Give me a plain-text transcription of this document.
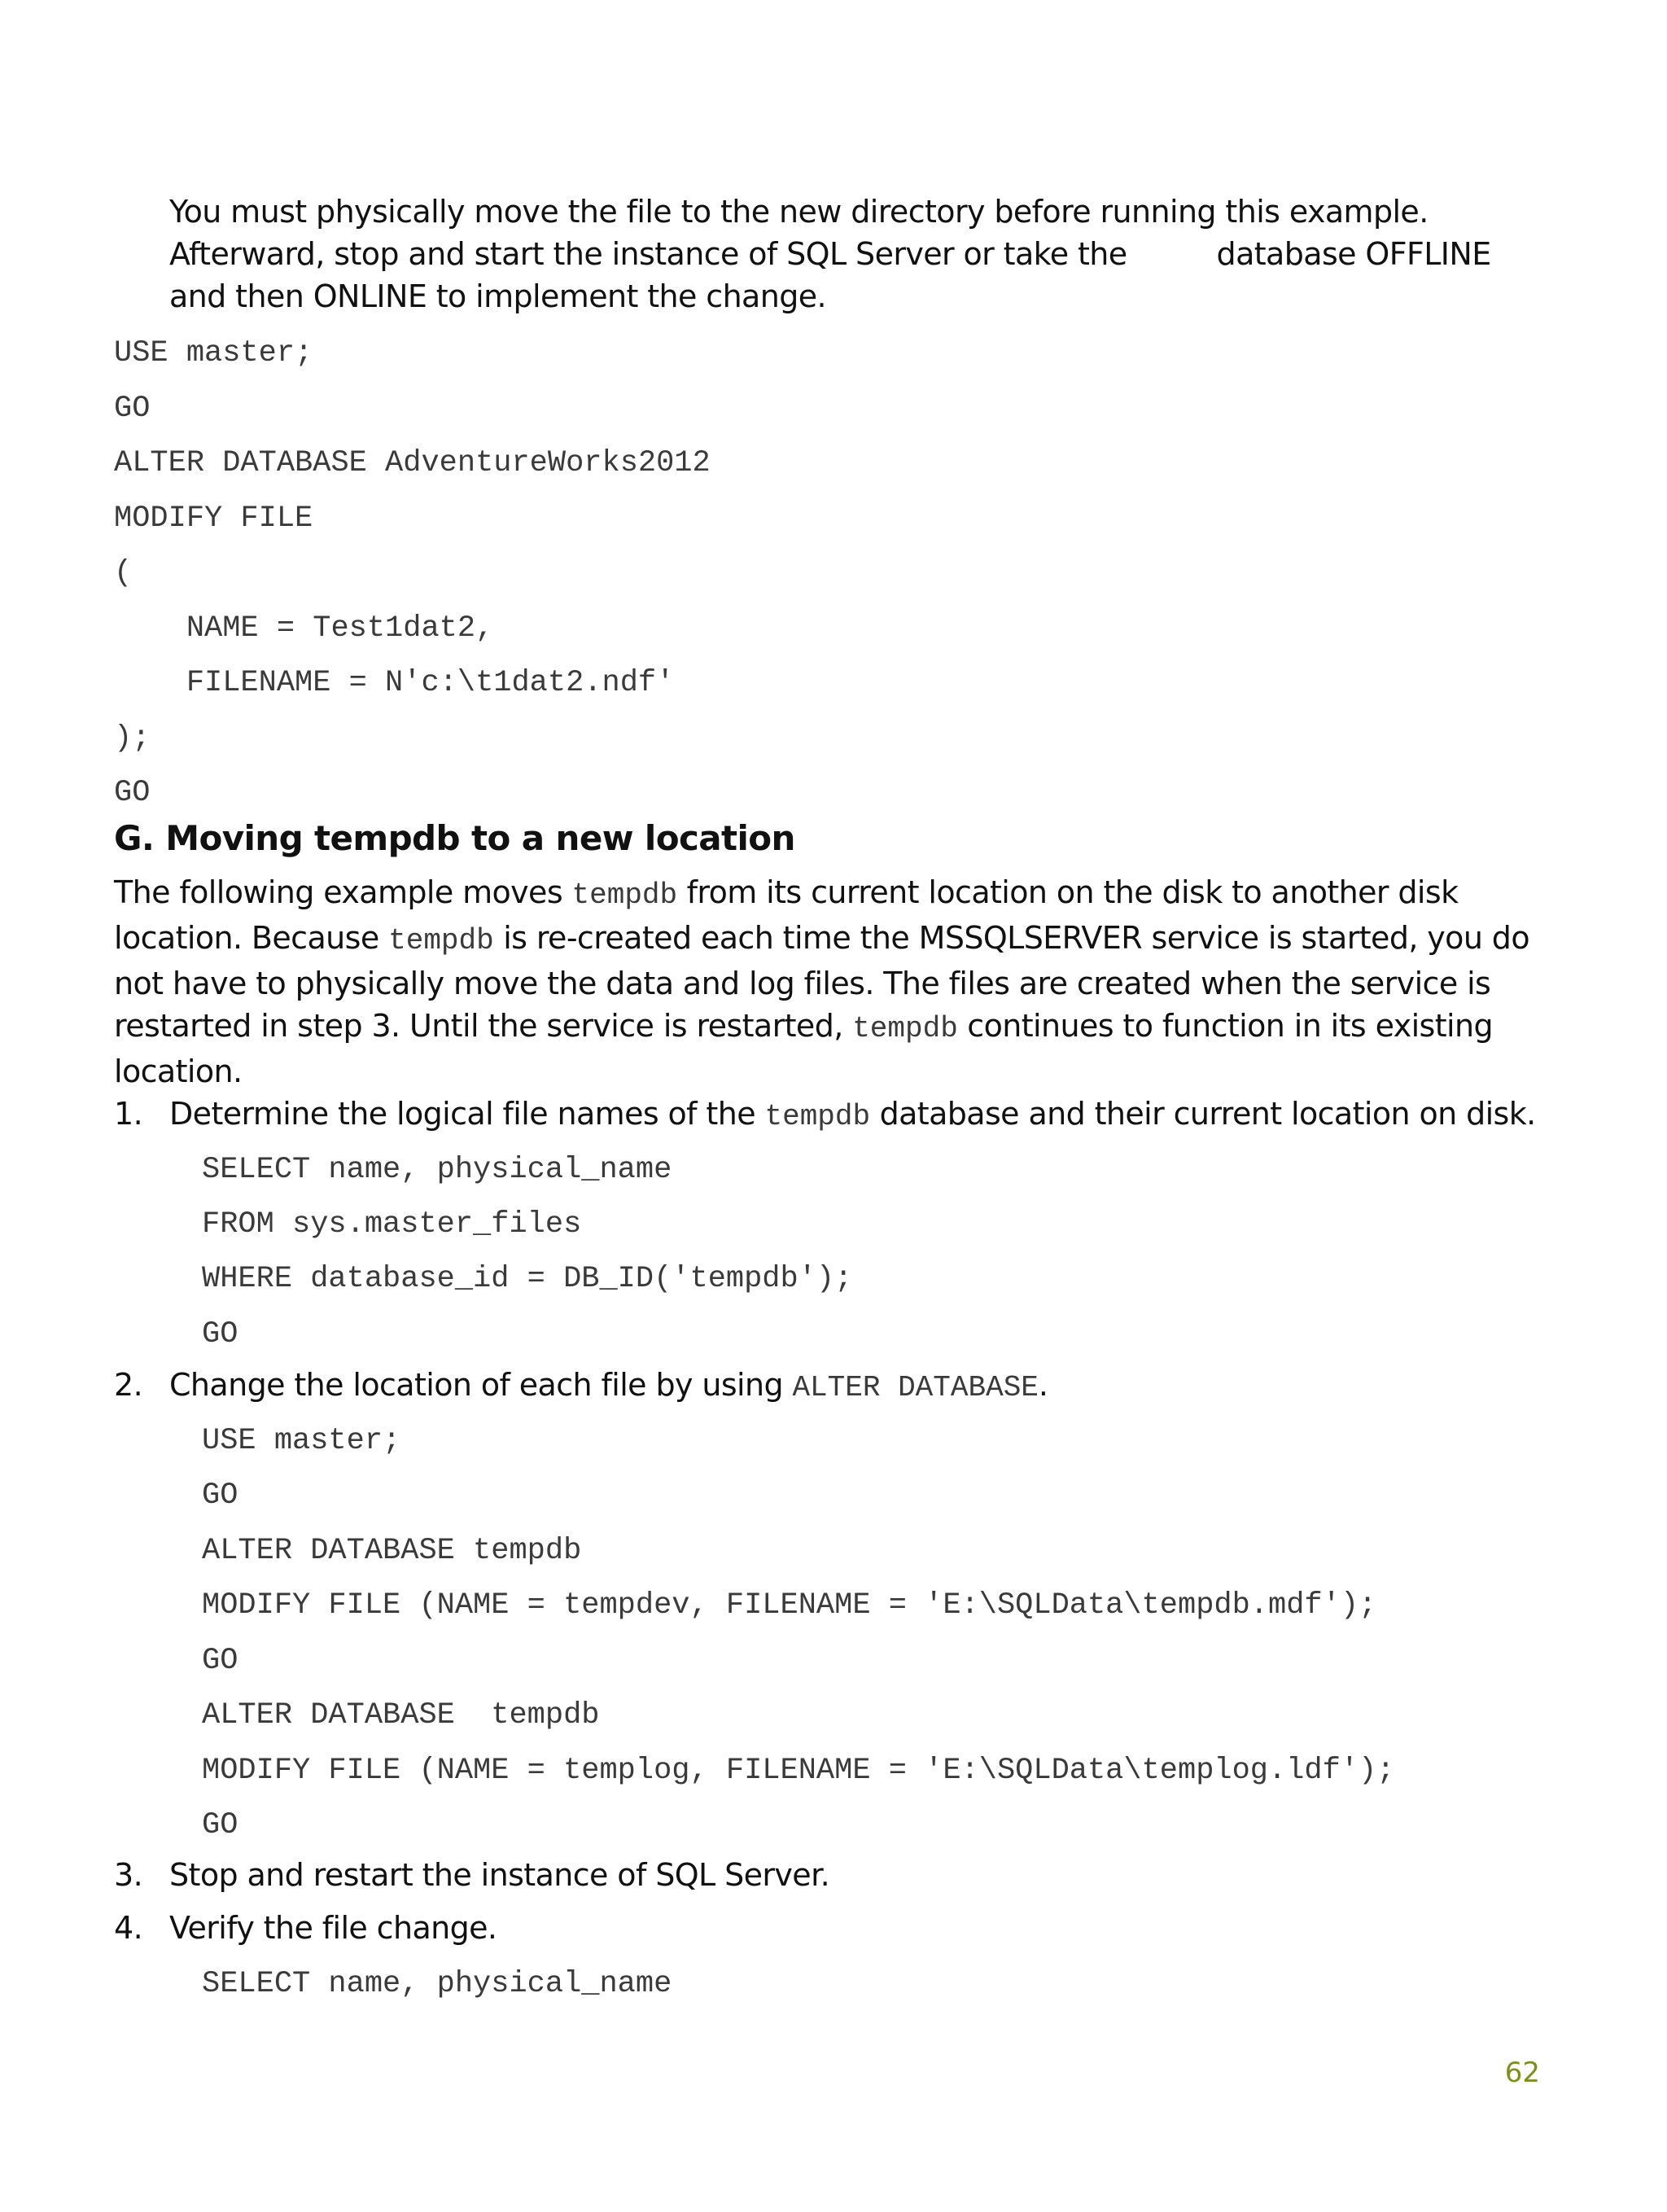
You must physically move the file to the new directory before running this example.
Afterward, stop and start the instance of SQL Server or take the	database OFFLINE
and then ONLINE to implement the change.
USE master;
GO
ALTER DATABASE AdventureWorks2012
MODIFY FILE
(
NAME = Test1dat2,
FILENAME = N'c:\t1dat2.ndf'
);
GO
G. Moving tempdb to a new location
The following example moves tempdb from its current location on the disk to another disk
location. Because tempdb is re-created each time the MSSQLSERVER service is started, you do
not have to physically move the data and log files. The files are created when the service is
restarted in step 3. Until the service is restarted, tempdb continues to function in its existing
location.
1. Determine the logical file names of the tempdb database and their current location on disk.
SELECT name, physical_name
FROM sys.master_files
WHERE database_id = DB_ID('tempdb');
GO
2. Change the location of each file by using ALTER DATABASE.
USE master;
GO
ALTER DATABASE tempdb
MODIFY FILE (NAME = tempdev, FILENAME = 'E:\SQLData\tempdb.mdf');
GO
ALTER DATABASE  tempdb
MODIFY FILE (NAME = templog, FILENAME = 'E:\SQLData\templog.ldf');
GO
3. Stop and restart the instance of SQL Server.
4. Verify the file change.
SELECT name, physical_name
62
